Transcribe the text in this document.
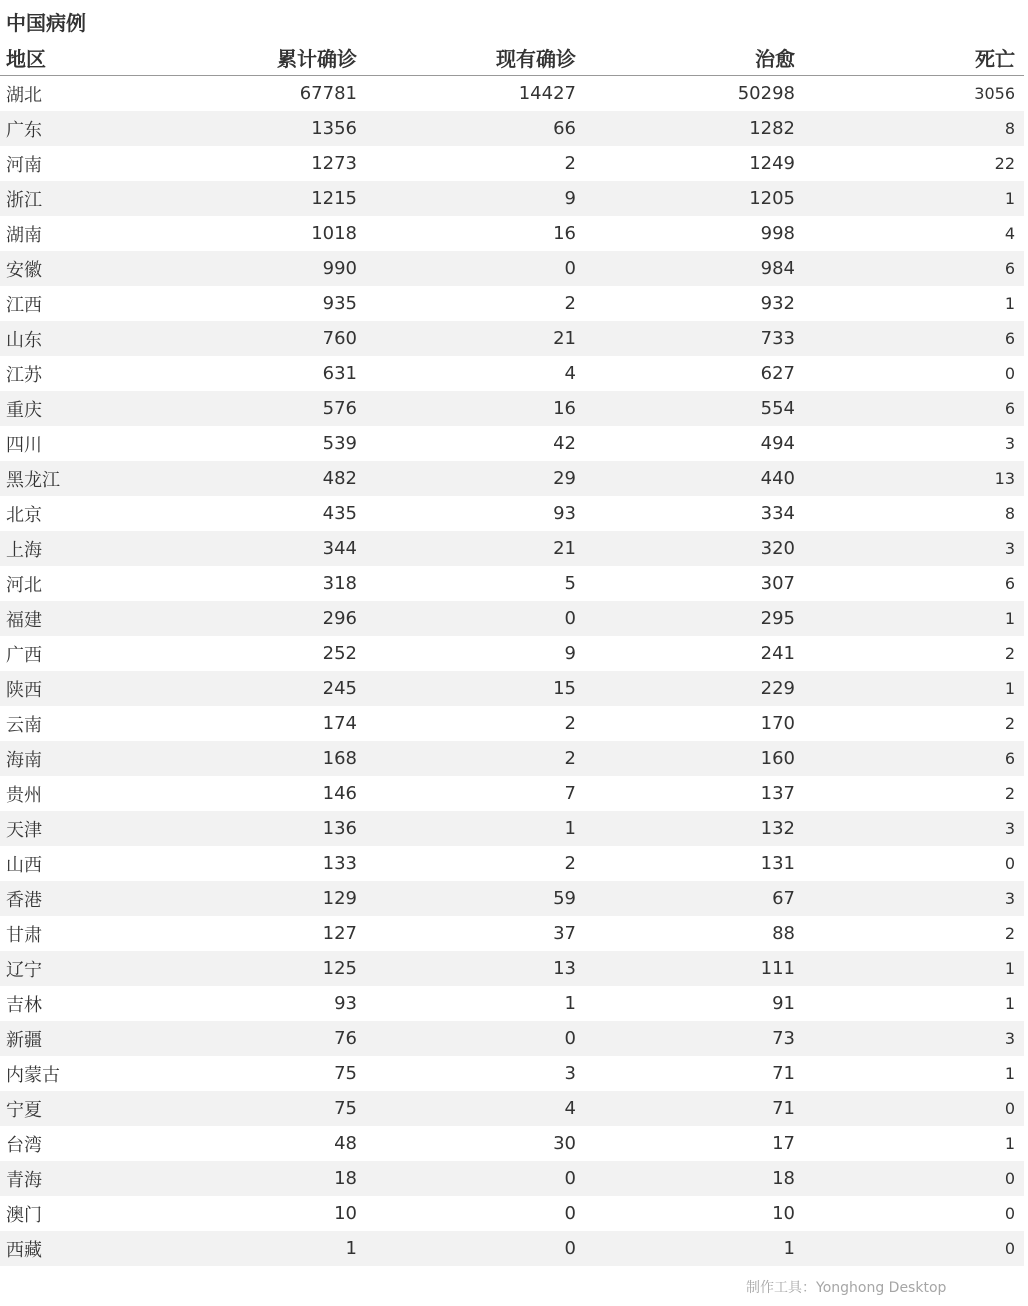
中国病例
地区	累计确诊	现有确诊	治愈	死亡
湖北	67781	14427	50298	3056
广东	1356	66	1282	8
河南	1273	2	1249	22
浙江	1215	9	1205	1
湖南	1018	16	998	4
安徽	990	0	984	6
江西	935	2	932	1
山东	760	21	733	6
江苏	631	4	627	0
重庆	576	16	554	6
四川	539	42	494	3
黑龙江	482	29	440	13
北京	435	93	334	8
上海	344	21	320	3
河北	318	5	307	6
福建	296	0	295	1
广西	252	9	241	2
陕西	245	15	229	1
云南	174	2	170	2
海南	168	2	160	6
贵州	146	7	137	2
天津	136	1	132	3
山西	133	2	131	0
香港	129	59	67	3
甘肃	127	37	88	2
辽宁	125	13	111	1
吉林	93	1	91	1
新疆	76	0	73	3
内蒙古	75	3	71	1
宁夏	75	4	71	0
台湾	48	30	17	1
青海	18	0	18	0
澳门	10	0	10	0
西藏	1	0	1	0
制作工具：Yonghong Desktop
